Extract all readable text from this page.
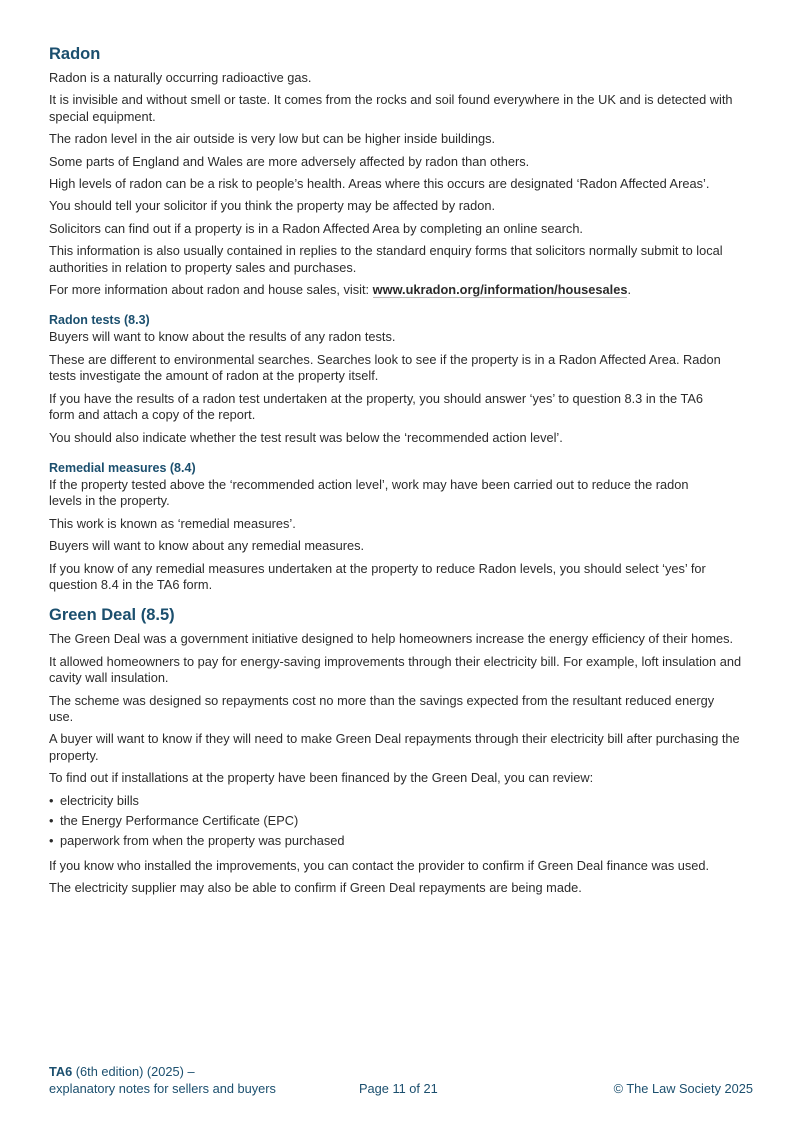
Radon

Radon is a naturally occurring radioactive gas.

It is invisible and without smell or taste. It comes from the rocks and soil found everywhere in the UK and is detected with special equipment.

The radon level in the air outside is very low but can be higher inside buildings.

Some parts of England and Wales are more adversely affected by radon than others.

High levels of radon can be a risk to people’s health. Areas where this occurs are designated ‘Radon Affected Areas’.

You should tell your solicitor if you think the property may be affected by radon.

Solicitors can find out if a property is in a Radon Affected Area by completing an online search.

This information is also usually contained in replies to the standard enquiry forms that solicitors normally submit to local authorities in relation to property sales and purchases.

For more information about radon and house sales, visit: www.ukradon.org/information/housesales.

Radon tests (8.3)

Buyers will want to know about the results of any radon tests.

These are different to environmental searches. Searches look to see if the property is in a Radon Affected Area. Radon tests investigate the amount of radon at the property itself.

If you have the results of a radon test undertaken at the property, you should answer ‘yes’ to question 8.3 in the TA6 form and attach a copy of the report.

You should also indicate whether the test result was below the ‘recommended action level’.

Remedial measures (8.4)

If the property tested above the ‘recommended action level’, work may have been carried out to reduce the radon levels in the property.

This work is known as ‘remedial measures’.

Buyers will want to know about any remedial measures.

If you know of any remedial measures undertaken at the property to reduce Radon levels, you should select ‘yes’ for question 8.4 in the TA6 form.

Green Deal (8.5)

The Green Deal was a government initiative designed to help homeowners increase the energy efficiency of their homes.

It allowed homeowners to pay for energy-saving improvements through their electricity bill. For example, loft insulation and cavity wall insulation.

The scheme was designed so repayments cost no more than the savings expected from the resultant reduced energy use.

A buyer will want to know if they will need to make Green Deal repayments through their electricity bill after purchasing the property.

To find out if installations at the property have been financed by the Green Deal, you can review:

• electricity bills
• the Energy Performance Certificate (EPC)
• paperwork from when the property was purchased

If you know who installed the improvements, you can contact the provider to confirm if Green Deal finance was used.

The electricity supplier may also be able to confirm if Green Deal repayments are being made.

TA6 (6th edition) (2025) –
explanatory notes for sellers and buyers	Page 11 of 21	© The Law Society 2025
